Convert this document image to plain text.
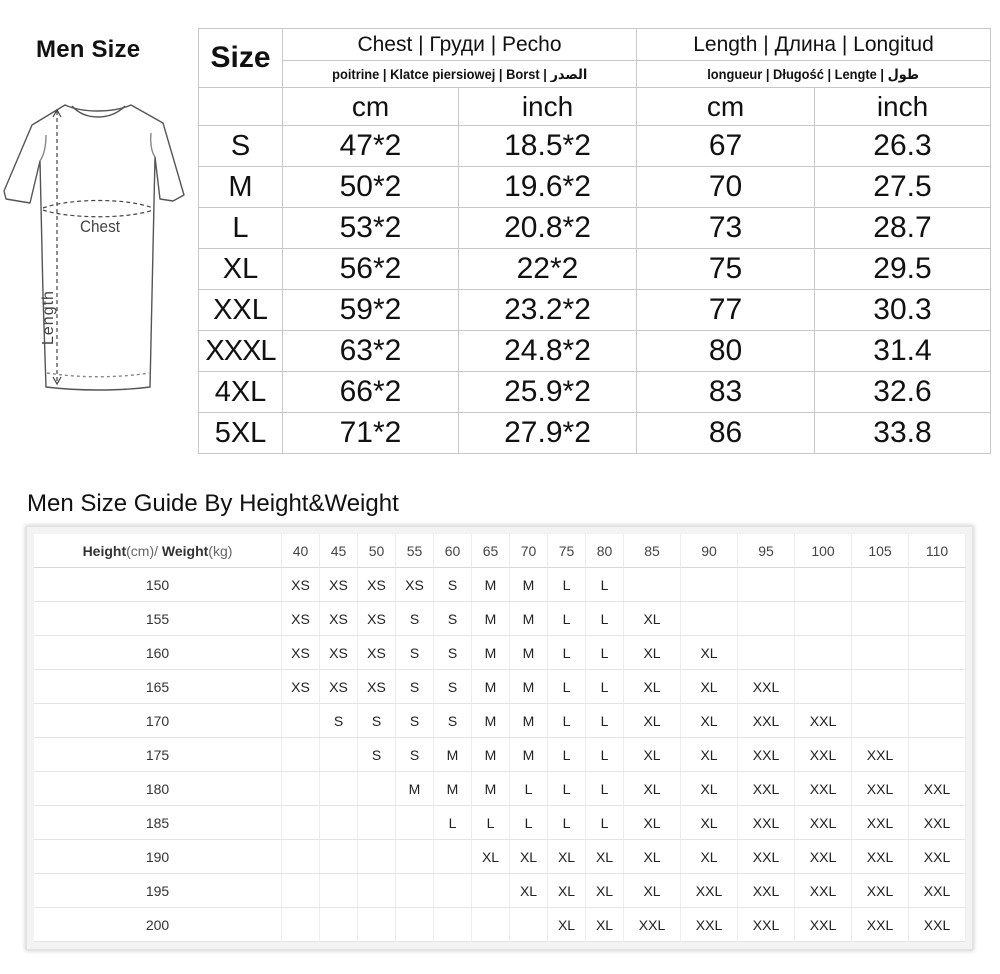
Men Size
Chest
Length
Size	Chest | Груди | Pecho		Length | Длина | Longitud	
	poitrine | Klatce piersiowej | Borst | الصدر		longueur | Długość | Lengte | طول	
	cm	inch	cm	inch
S	47*2	18.5*2	67	26.3
M	50*2	19.6*2	70	27.5
L	53*2	20.8*2	73	28.7
XL	56*2	22*2	75	29.5
XXL	59*2	23.2*2	77	30.3
XXXL	63*2	24.8*2	80	31.4
4XL	66*2	25.9*2	83	32.6
5XL	71*2	27.9*2	86	33.8
Men Size Guide By Height&Weight
Height(cm)/ Weight(kg)	40	45	50	55	60	65	70	75	80	85	90	95	100	105	110
150	XS	XS	XS	XS	S	M	M	L	L						
155	XS	XS	XS	S	S	M	M	L	L	XL					
160	XS	XS	XS	S	S	M	M	L	L	XL	XL				
165	XS	XS	XS	S	S	M	M	L	L	XL	XL	XXL			
170		S	S	S	S	M	M	L	L	XL	XL	XXL	XXL		
175			S	S	M	M	M	L	L	XL	XL	XXL	XXL	XXL	
180				M	M	M	L	L	L	XL	XL	XXL	XXL	XXL	XXL
185					L	L	L	L	L	XL	XL	XXL	XXL	XXL	XXL
190						XL	XL	XL	XL	XL	XL	XXL	XXL	XXL	XXL
195							XL	XL	XL	XL	XXL	XXL	XXL	XXL	XXL
200								XL	XL	XXL	XXL	XXL	XXL	XXL	XXL
